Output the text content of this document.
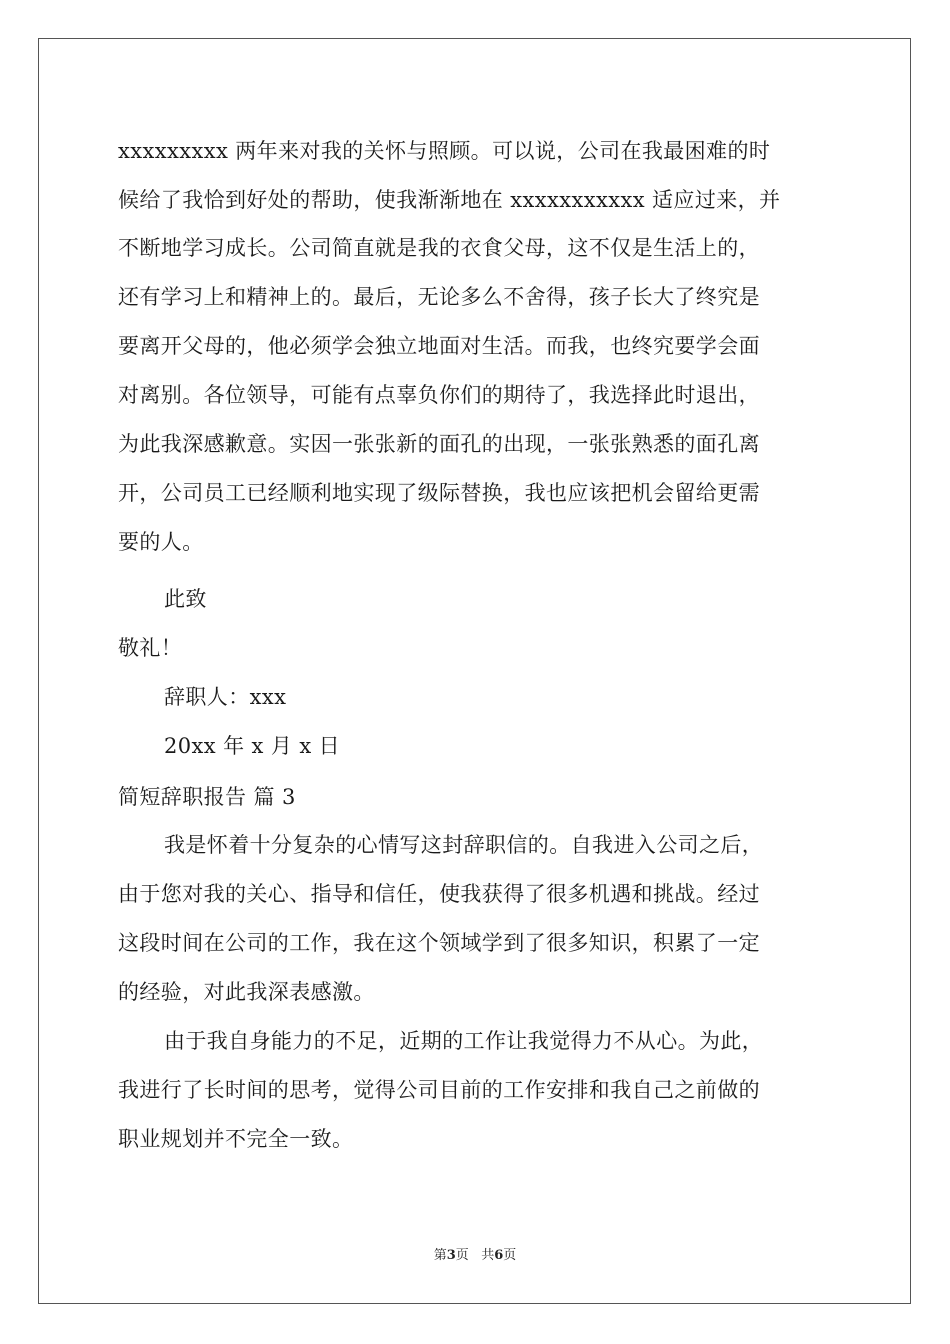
xxxxxxxxx 两年来对我的关怀与照顾。可以说，公司在我最困难的时
候给了我恰到好处的帮助，使我渐渐地在 xxxxxxxxxxx 适应过来，并
不断地学习成长。公司简直就是我的衣食父母，这不仅是生活上的，
还有学习上和精神上的。最后，无论多么不舍得，孩子长大了终究是
要离开父母的，他必须学会独立地面对生活。而我，也终究要学会面
对离别。各位领导，可能有点辜负你们的期待了，我选择此时退出，
为此我深感歉意。实因一张张新的面孔的出现，一张张熟悉的面孔离
开，公司员工已经顺利地实现了级际替换，我也应该把机会留给更需
要的人。
此致
敬礼！
辞职人：xxx
20xx 年 x 月 x 日
简短辞职报告 篇 3
我是怀着十分复杂的心情写这封辞职信的。自我进入公司之后，
由于您对我的关心、指导和信任，使我获得了很多机遇和挑战。经过
这段时间在公司的工作，我在这个领域学到了很多知识，积累了一定
的经验，对此我深表感激。
由于我自身能力的不足，近期的工作让我觉得力不从心。为此，
我进行了长时间的思考，觉得公司目前的工作安排和我自己之前做的
职业规划并不完全一致。
第3页 共6页
